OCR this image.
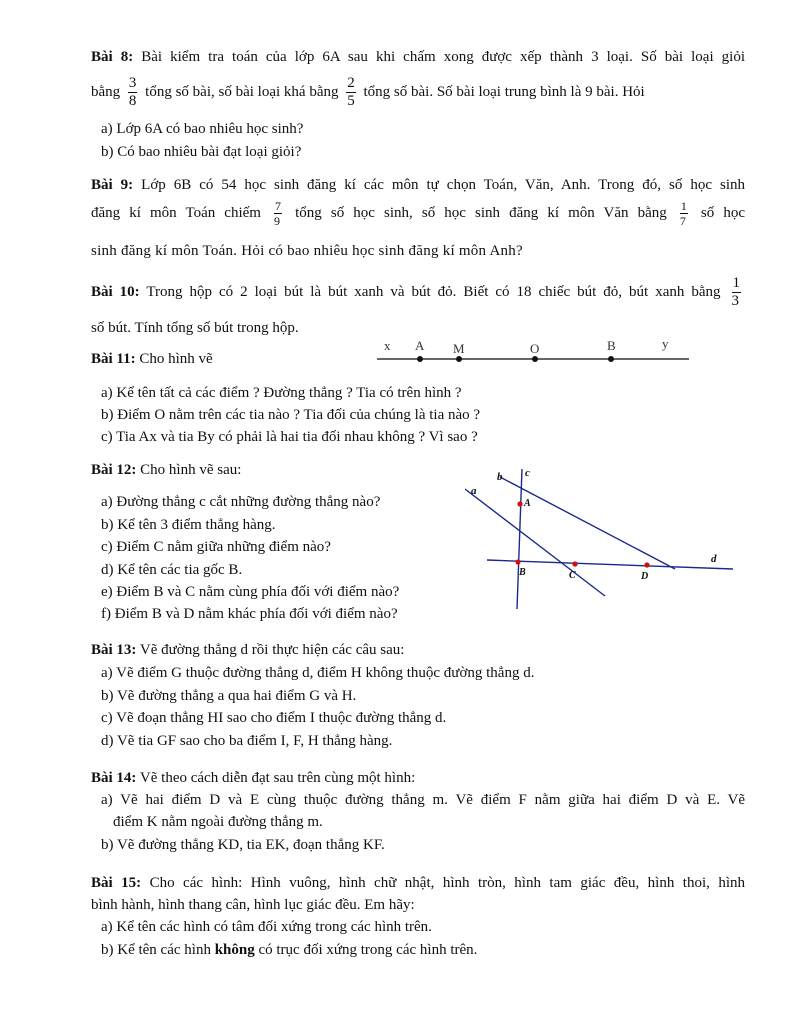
Bài 8: Bài kiểm tra toán của lớp 6A sau khi chấm xong được xếp thành 3 loại. Số bài loại giỏi
bằng $\frac{3}{8}$ tổng số bài, số bài loại khá bằng $\frac{2}{5}$ tổng số bài. Số bài loại trung bình là 9 bài. Hỏi
a) Lớp 6A có bao nhiêu học sinh?
b) Có bao nhiêu bài đạt loại giỏi?
Bài 9: Lớp 6B có 54 học sinh đăng kí các môn tự chọn Toán, Văn, Anh. Trong đó, số học sinh
đăng kí môn Toán chiếm $\frac{7}{9}$ tổng số học sinh, số học sinh đăng kí môn Văn bằng $\frac{1}{7}$ số học
sinh đăng kí môn Toán. Hỏi có bao nhiêu học sinh đăng kí môn Anh?
Bài 10: Trong hộp có 2 loại bút là bút xanh và bút đỏ. Biết có 18 chiếc bút đỏ, bút xanh bằng $\frac{1}{3}$
số bút. Tính tổng số bút trong hộp.
Bài 11: Cho hình vẽ
x A M	O	B	y
a) Kể tên tất cả các điểm ? Đường thẳng ? Tia có trên hình ?
b) Điểm O nằm trên các tia nào ? Tia đối của chúng là tia nào ?
c) Tia Ax và tia By có phải là hai tia đối nhau không ? Vì sao ?
Bài 12: Cho hình vẽ sau:
a) Đường thẳng c cắt những đường thẳng nào?
b) Kể tên 3 điểm thẳng hàng.
c) Điểm C nằm giữa những điểm nào?
d) Kể tên các tia gốc B.
e) Điểm B và C nằm cùng phía đối với điểm nào?
f) Điểm B và D nằm khác phía đối với điểm nào?
a
b c
d
A
B	C	D
Bài 13: Vẽ đường thẳng d rồi thực hiện các câu sau:
a) Vẽ điểm G thuộc đường thẳng d, điểm H không thuộc đường thẳng d.
b) Vẽ đường thẳng a qua hai điểm G và H.
c) Vẽ đoạn thẳng HI sao cho điểm I thuộc đường thẳng d.
d) Vẽ tia GF sao cho ba điểm I, F, H thẳng hàng.
Bài 14: Vẽ theo cách diễn đạt sau trên cùng một hình:
a) Vẽ hai điểm D và E cùng thuộc đường thẳng m. Vẽ điểm F nằm giữa hai điểm D và E. Vẽ
điểm K nằm ngoài đường thẳng m.
b) Vẽ đường thẳng KD, tia EK, đoạn thẳng KF.
Bài 15: Cho các hình: Hình vuông, hình chữ nhật, hình tròn, hình tam giác đều, hình thoi, hình
bình hành, hình thang cân, hình lục giác đều. Em hãy:
a) Kể tên các hình có tâm đối xứng trong các hình trên.
b) Kể tên các hình không có trục đối xứng trong các hình trên.
